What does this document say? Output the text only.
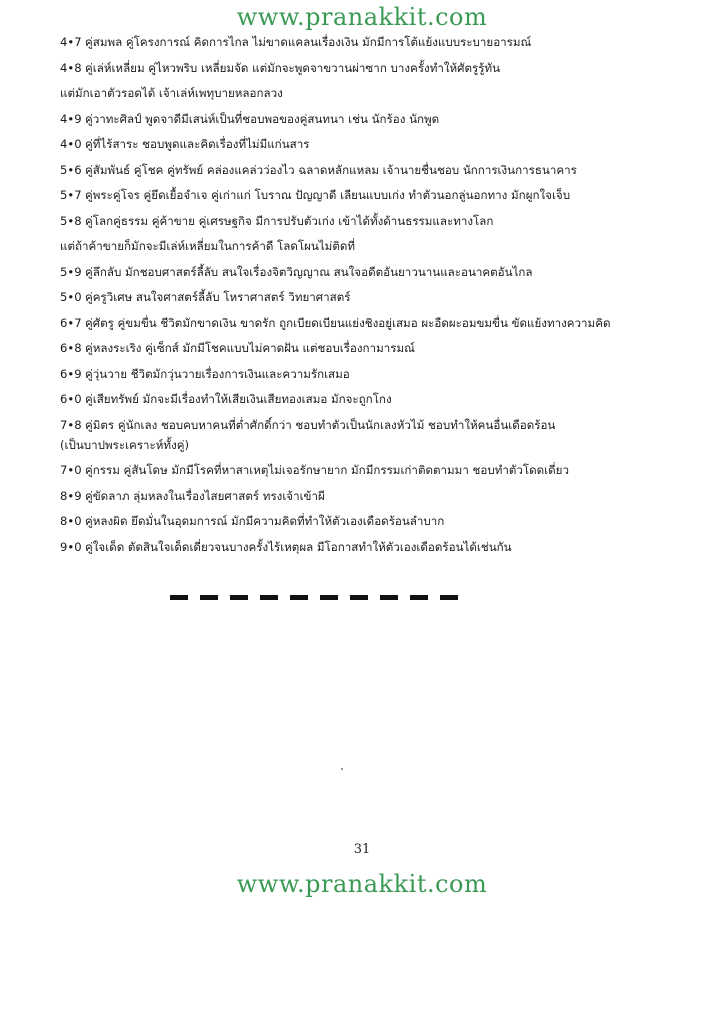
www.pranakkit.com
4•7 คู่สมพล คู่โครงการณ์ คิดการไกล ไม่ขาดแคลนเรื่องเงิน มักมีการโต้แย้งแบบระบายอารมณ์
4•8 คู่เล่ห์เหลี่ยม คู่ไหวพริบ เหลี่ยมจัด แต่มักจะพูดจาขวานผ่าซาก บางครั้งทำให้ศัตรูรู้ทัน
แต่มักเอาตัวรอดได้ เจ้าเล่ห์เพทุบายหลอกลวง
4•9 คู่วาทะศิลป์ พูดจาดีมีเสน่ห์เป็นที่ชอบพอของคู่สนทนา เช่น นักร้อง นักพูด
4•0 คู่ที่ไร้สาระ ชอบพูดและคิดเรื่องที่ไม่มีแก่นสาร
5•6 คู่สัมพันธ์ คู่โชค คู่ทรัพย์ คล่องแคล่วว่องไว ฉลาดหลักแหลม เจ้านายชื่นชอบ นักการเงินการธนาคาร
5•7 คู่พระคู่โจร คู่ยึดเยื้อจำเจ คู่เก่าแก่ โบราณ ปัญญาดี เลียนแบบเก่ง ทำตัวนอกลู่นอกทาง มักผูกใจเจ็บ
5•8 คู่โลกคู่ธรรม คู่ค้าขาย คู่เศรษฐกิจ มีการปรับตัวเก่ง เข้าได้ทั้งด้านธรรมและทางโลก
แต่ถ้าค้าขายก็มักจะมีเล่ห์เหลี่ยมในการค้าดี โลดโผนไม่ติดที่
5•9 คู่ลึกลับ มักชอบศาสตร์ลี้ลับ สนใจเรื่องจิตวิญญาณ สนใจอดีตอันยาวนานและอนาคตอันไกล
5•0 คู่ครูวิเศษ สนใจศาสตร์ลี้ลับ โหราศาสตร์ วิทยาศาสตร์
6•7 คู่ศัตรู คู่ขมขื่น ชีวิตมักขาดเงิน ขาดรัก ถูกเบียดเบียนแย่งชิงอยู่เสมอ ผะอืดผะอมขมขื่น ขัดแย้งทางความคิด
6•8 คู่หลงระเริง คู่เซ็กส์ มักมีโชคแบบไม่คาดฝัน แต่ชอบเรื่องกามารมณ์
6•9 คู่วุ่นวาย ชีวิตมักวุ่นวายเรื่องการเงินและความรักเสมอ
6•0 คู่เสียทรัพย์ มักจะมีเรื่องทำให้เสียเงินเสียทองเสมอ มักจะถูกโกง
7•8 คู่มิตร คู่นักเลง ชอบคบหาคนที่ต่ำศักดิ์กว่า ชอบทำตัวเป็นนักเลงหัวไม้ ชอบทำให้คนอื่นเดือดร้อน
(เป็นบาปพระเคราะห์ทั้งคู่)
7•0 คู่กรรม คู่สันโดษ มักมีโรคที่หาสาเหตุไม่เจอรักษายาก มักมีกรรมเก่าติดตามมา ชอบทำตัวโดดเดี่ยว
8•9 คู่ขัดลาภ ลุ่มหลงในเรื่องไสยศาสตร์ ทรงเจ้าเข้าผี
8•0 คู่หลงผิด ยึดมั่นในอุดมการณ์ มักมีความคิดที่ทำให้ตัวเองเดือดร้อนลำบาก
9•0 คู่ใจเด็ด ตัดสินใจเด็ดเดี่ยวจนบางครั้งไร้เหตุผล มีโอกาสทำให้ตัวเองเดือดร้อนได้เช่นกัน
31
www.pranakkit.com
